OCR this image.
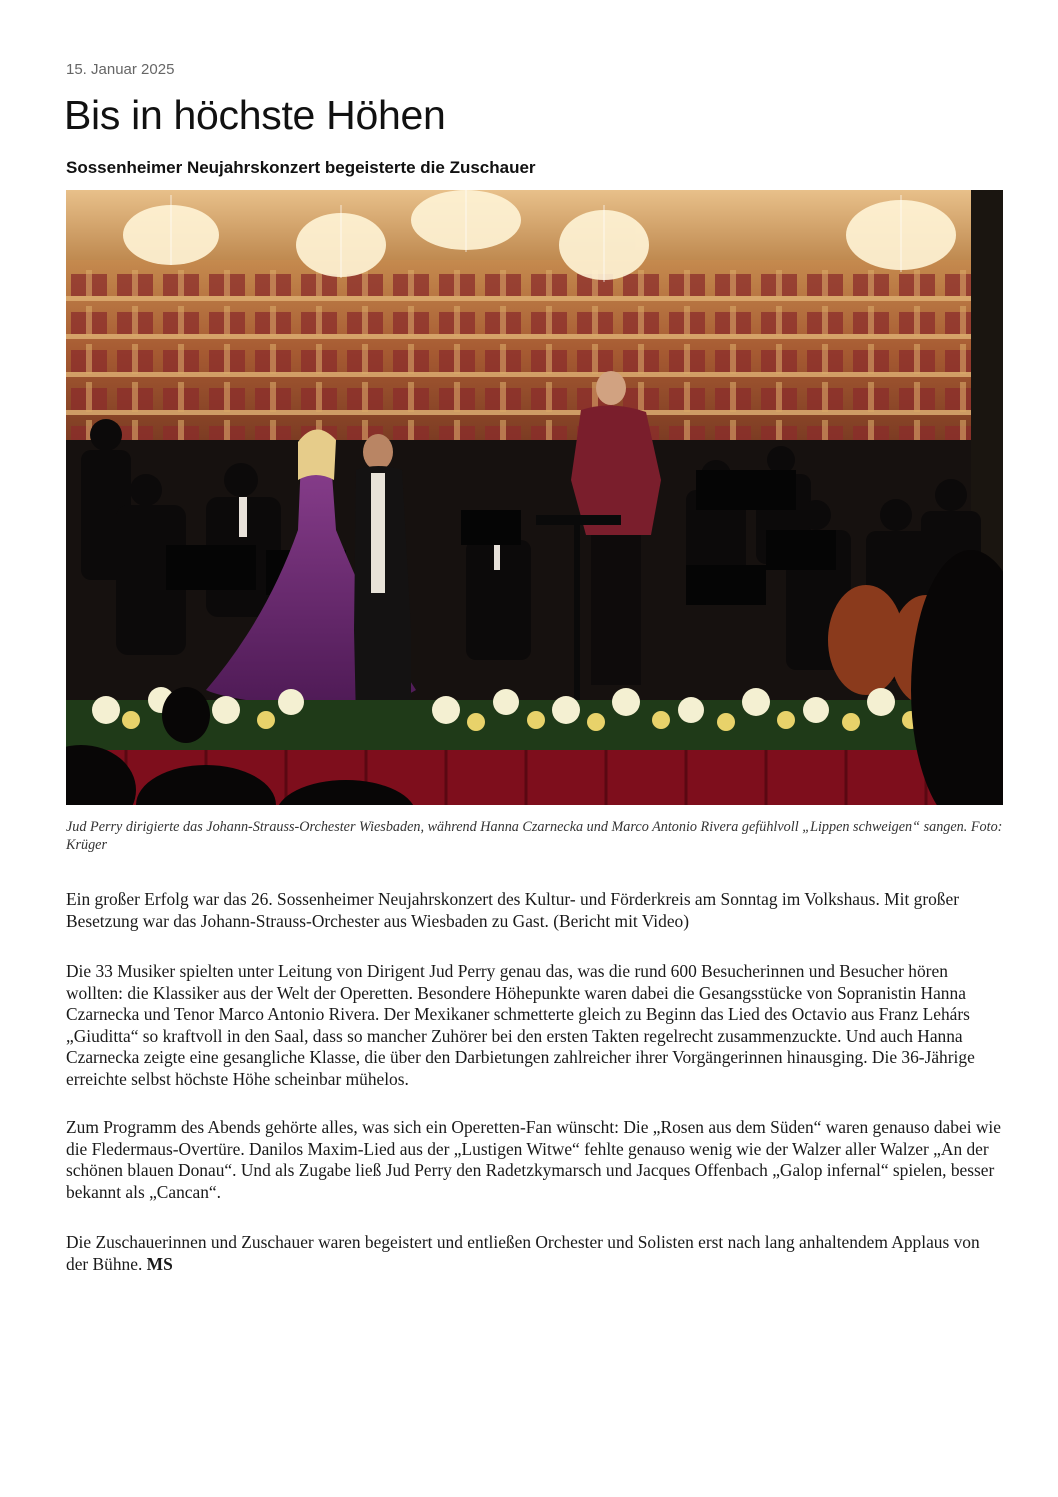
15. Januar 2025
Bis in höchste Höhen
Sossenheimer Neujahrskonzert begeisterte die Zuschauer

Jud Perry dirigierte das Johann-Strauss-Orchester Wiesbaden, während Hanna Czarnecka und Marco Antonio Rivera gefühlvoll „Lippen schweigen“ sangen. Foto: Krüger

Ein großer Erfolg war das 26. Sossenheimer Neujahrskonzert des Kultur- und Förderkreis am Sonntag im Volkshaus. Mit großer Besetzung war das Johann-Strauss-Orchester aus Wiesbaden zu Gast. (Bericht mit Video)

Die 33 Musiker spielten unter Leitung von Dirigent Jud Perry genau das, was die rund 600 Besucherinnen und Besucher hören wollten: die Klassiker aus der Welt der Operetten. Besondere Höhepunkte waren dabei die Gesangsstücke von Sopranistin Hanna Czarnecka und Tenor Marco Antonio Rivera. Der Mexikaner schmetterte gleich zu Beginn das Lied des Octavio aus Franz Lehárs „Giuditta“ so kraftvoll in den Saal, dass so mancher Zuhörer bei den ersten Takten regelrecht zusammenzuckte. Und auch Hanna Czarnecka zeigte eine gesangliche Klasse, die über den Darbietungen zahlreicher ihrer Vorgängerinnen hinausging. Die 36-Jährige erreichte selbst höchste Höhe scheinbar mühelos.

Zum Programm des Abends gehörte alles, was sich ein Operetten-Fan wünscht: Die „Rosen aus dem Süden“ waren genauso dabei wie die Fledermaus-Overtüre. Danilos Maxim-Lied aus der „Lustigen Witwe“ fehlte genauso wenig wie der Walzer aller Walzer „An der schönen blauen Donau“. Und als Zugabe ließ Jud Perry den Radetzkymarsch und Jacques Offenbach „Galop infernal“ spielen, besser bekannt als „Cancan“.

Die Zuschauerinnen und Zuschauer waren begeistert und entließen Orchester und Solisten erst nach lang anhaltendem Applaus von der Bühne. MS
